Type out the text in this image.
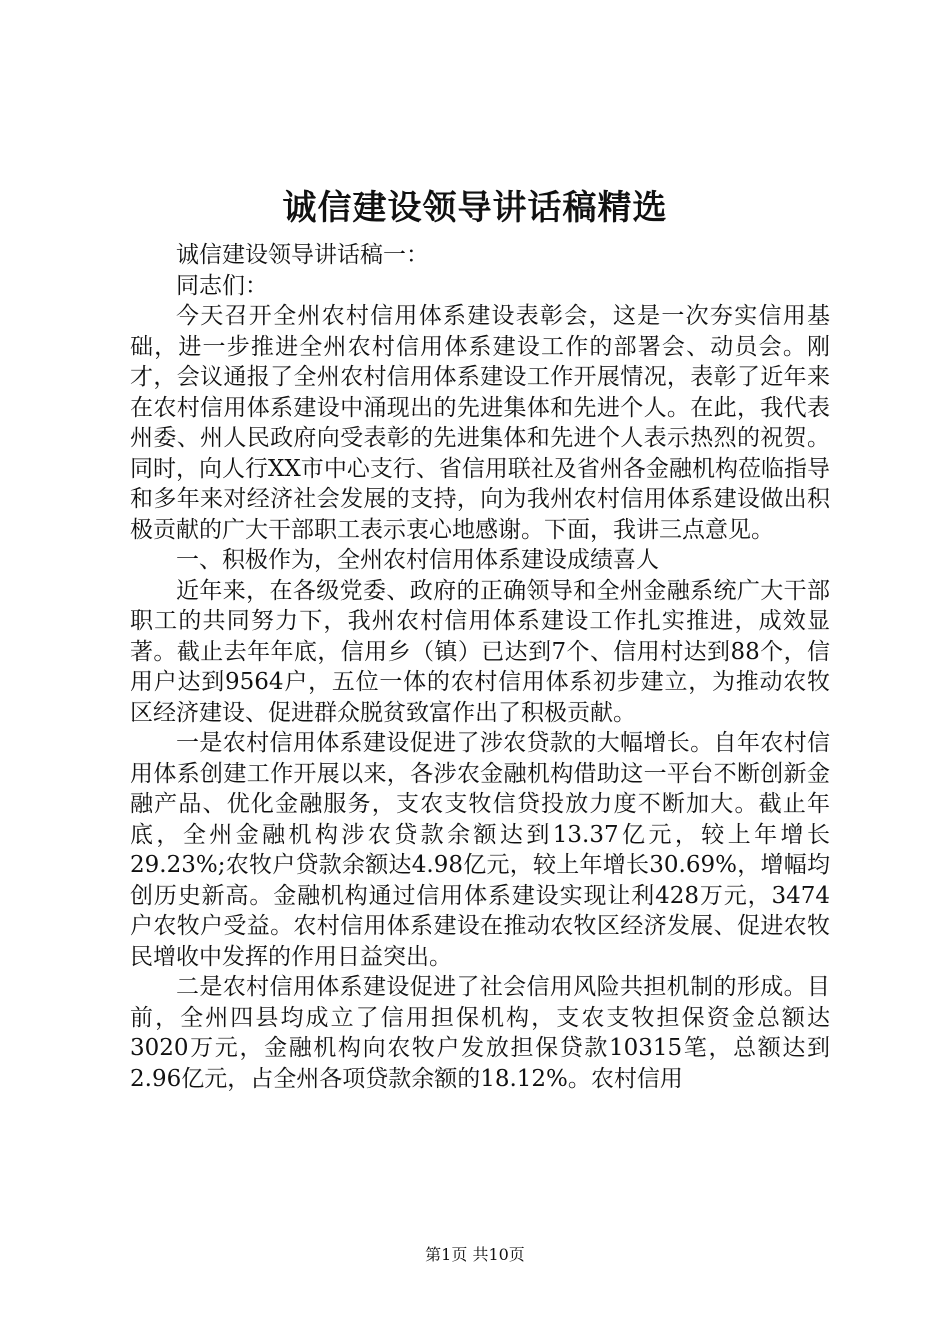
诚信建设领导讲话稿精选

诚信建设领导讲话稿一：

同志们：

今天召开全州农村信用体系建设表彰会，这是一次夯实信用基础，进一步推进全州农村信用体系建设工作的部署会、动员会。刚才，会议通报了全州农村信用体系建设工作开展情况，表彰了近年来在农村信用体系建设中涌现出的先进集体和先进个人。在此，我代表州委、州人民政府向受表彰的先进集体和先进个人表示热烈的祝贺。同时，向人行XX市中心支行、省信用联社及省州各金融机构莅临指导和多年来对经济社会发展的支持，向为我州农村信用体系建设做出积极贡献的广大干部职工表示衷心地感谢。下面，我讲三点意见。

一、积极作为，全州农村信用体系建设成绩喜人

近年来，在各级党委、政府的正确领导和全州金融系统广大干部职工的共同努力下，我州农村信用体系建设工作扎实推进，成效显著。截止去年年底，信用乡（镇）已达到7个、信用村达到88个，信用户达到9564户，五位一体的农村信用体系初步建立，为推动农牧区经济建设、促进群众脱贫致富作出了积极贡献。

一是农村信用体系建设促进了涉农贷款的大幅增长。自年农村信用体系创建工作开展以来，各涉农金融机构借助这一平台不断创新金融产品、优化金融服务，支农支牧信贷投放力度不断加大。截止年底，全州金融机构涉农贷款余额达到13.37亿元，较上年增长29.23%;农牧户贷款余额达4.98亿元，较上年增长30.69%，增幅均创历史新高。金融机构通过信用体系建设实现让利428万元，3474户农牧户受益。农村信用体系建设在推动农牧区经济发展、促进农牧民增收中发挥的作用日益突出。

二是农村信用体系建设促进了社会信用风险共担机制的形成。目前，全州四县均成立了信用担保机构，支农支牧担保资金总额达3020万元，金融机构向农牧户发放担保贷款10315笔，总额达到2.96亿元，占全州各项贷款余额的18.12%。农村信用

第1页 共10页
